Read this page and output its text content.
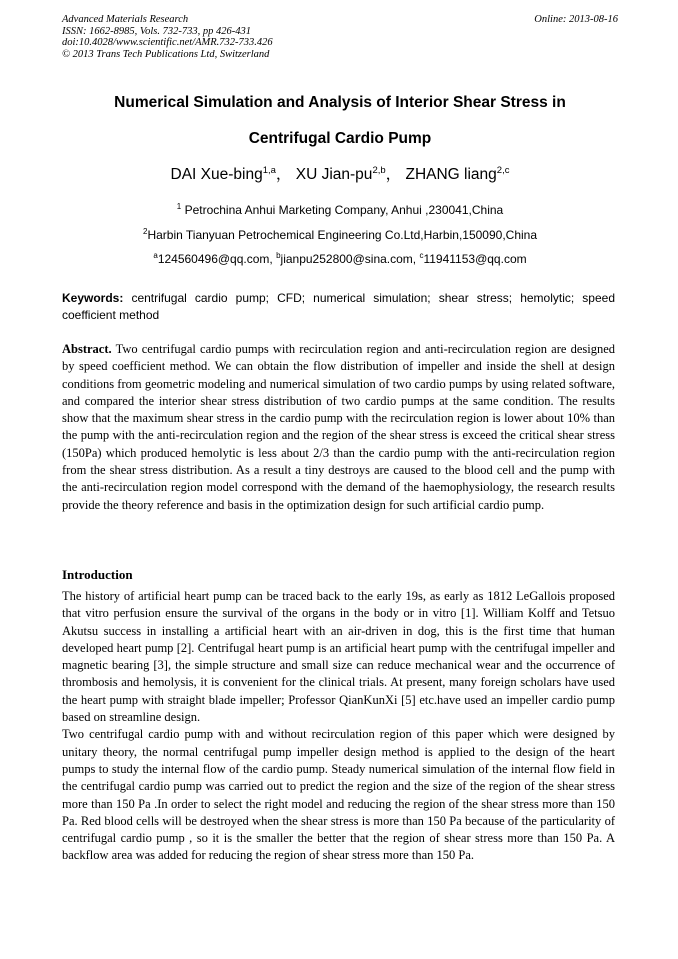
Advanced Materials Research
ISSN: 1662-8985, Vols. 732-733, pp 426-431
doi:10.4028/www.scientific.net/AMR.732-733.426
© 2013 Trans Tech Publications Ltd, Switzerland
Online: 2013-08-16
Numerical Simulation and Analysis of Interior Shear Stress in
Centrifugal Cardio Pump
DAI Xue-bing$^{1,a}$， XU Jian-pu$^{2,b}$， ZHANG liang$^{2,c}$
$^1$ Petrochina Anhui Marketing Company, Anhui ,230041,China
$^2$Harbin Tianyuan Petrochemical Engineering Co.Ltd,Harbin,150090,China
$^a$124560496@qq.com, $^b$jianpu252800@sina.com, $^c$11941153@qq.com
Keywords: centrifugal cardio pump; CFD; numerical simulation; shear stress; hemolytic; speed coefficient method
Abstract. Two centrifugal cardio pumps with recirculation region and anti-recirculation region are designed by speed coefficient method. We can obtain the flow distribution of impeller and inside the shell at design conditions from geometric modeling and numerical simulation of two cardio pumps by using related software, and compared the interior shear stress distribution of two cardio pumps at the same condition. The results show that the maximum shear stress in the cardio pump with the recirculation region is lower about 10% than the pump with the anti-recirculation region and the region of the shear stress is exceed the critical shear stress (150Pa) which produced hemolytic is less about 2/3 than the cardio pump with the anti-recirculation region from the shear stress distribution. As a result a tiny destroys are caused to the blood cell and the pump with the anti-recirculation region model correspond with the demand of the haemophysiology, the research results provide the theory reference and basis in the optimization design for such artificial cardio pump.
Introduction

The history of artificial heart pump can be traced back to the early 19s, as early as 1812 LeGallois proposed that vitro perfusion ensure the survival of the organs in the body or in vitro [1]. William Kolff and Tetsuo Akutsu success in installing a artificial heart with an air-driven in dog, this is the first time that human developed heart pump [2]. Centrifugal heart pump is an artificial heart pump with the centrifugal impeller and magnetic bearing [3], the simple structure and small size can reduce mechanical wear and the occurrence of thrombosis and hemolysis, it is convenient for the clinical trials. At present, many foreign scholars have used the heart pump with straight blade impeller; Professor QianKunXi [5] etc.have used an impeller cardio pump based on streamline design.

Two centrifugal cardio pump with and without recirculation region of this paper which were designed by unitary theory, the normal centrifugal pump impeller design method is applied to the design of the heart pumps to study the internal flow of the cardio pump. Steady numerical simulation of the internal flow field in the centrifugal cardio pump was carried out to predict the region and the size of the region of the shear stress more than 150 Pa .In order to select the right model and reducing the region of the shear stress more than 150 Pa. Red blood cells will be destroyed when the shear stress is more than 150 Pa because of the particularity of centrifugal cardio pump , so it is the smaller the better that the region of shear stress more than 150 Pa. A backflow area was added for reducing the region of shear stress more than 150 Pa.
